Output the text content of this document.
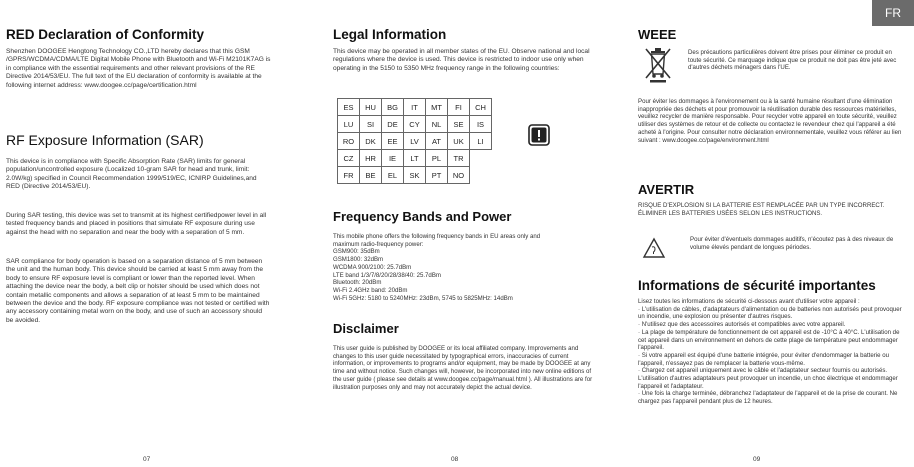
RED Declaration of Conformity

Shenzhen DOOGEE Hengtong Technology CO.,LTD hereby declares that this GSM /GPRS/WCDMA/CDMA/LTE Digital Mobile Phone with Bluetooth and Wi-Fi M2101K7AG is in compliance with the essential requirements and other relevant provisions of the RE Directive 2014/53/EU. The full text of the EU declaration of conformity is available at the following internet address: www.doogee.cc/page/certification.html

RF Exposure Information (SAR)

This device is in compliance with Specific Absorption Rate (SAR) limits for general population/uncontrolled exposure (Localized 10-gram SAR for head and trunk, limit: 2.0W/kg) specified in Council Recommendation 1999/519/EC, ICNIRP Guidelines,and RED (Directive 2014/53/EU).

During SAR testing, this device was set to transmit at its highest certifiedpower level in all tested frequency bands and placed in positions that simulate RF exposure during use against the head with no separation and near the body with a separation of 5 mm.

SAR compliance for body operation is based on a separation distance of 5 mm between the unit and the human body. This device should be carried at least 5 mm away from the body to ensure RF exposure level is compliant or lower than the reported level. When attaching the device near the body, a belt clip or holster should be used which does not contain metallic components and allows a separation of at least 5 mm to be maintained between the device and the body. RF exposure compliance was not tested or certified with any accessory containing metal worn on the body, and use of such an accessory should be avoided.

07
Legal Information

This device may be operated in all member states of the EU. Observe national and local regulations where the device is used. This device is restricted to indoor use only when operating in the 5150 to 5350 MHz frequency range in the following countries:

ES	HU	BG	IT	MT	FI	CH
LU	SI	DE	CY	NL	SE	IS
RO	DK	EE	LV	AT	UK	LI
CZ	HR	IE	LT	PL	TR	
FR	BE	EL	SK	PT	NO	
Frequency Bands and Power
This mobile phone offers the following frequency bands in EU areas only and maximum radio-frequency power:
GSM900: 35dBm
GSM1800: 32dBm
WCDMA 900/2100: 25.7dBm
LTE band 1/3/7/8/20/28/38/40: 25.7dBm
Bluetooth: 20dBm
Wi-Fi 2.4GHz band: 20dBm
Wi-Fi 5GHz: 5180 to 5240MHz: 23dBm, 5745 to 5825MHz: 14dBm
Disclaimer

This user guide is published by DOOGEE or its local affiliated company. Improvements and changes to this user guide necessitated by typographical errors, inaccuracies of current information, or improvements to programs and/or equipment, may be made by DOOGEE at any time and without notice. Such changes will, however, be incorporated into new online editions of the user guide ( please see details at www.doogee.cc/page/manual.html ). All illustrations are for illustration purposes only and may not accurately depict the actual device.

08
FR
WEEE

Des précautions particulières doivent être prises pour éliminer ce produit en toute sécurité. Ce marquage indique que ce produit ne doit pas être jeté avec d'autres déchets ménagers dans l'UE.

Pour éviter les dommages à l'environnement ou à la santé humaine résultant d'une élimination inappropriée des déchets et pour promouvoir la réutilisation durable des ressources matérielles, veuillez recycler de manière responsable. Pour recycler votre appareil en toute sécurité, veuillez utiliser des systèmes de retour et de collecte ou contactez le revendeur chez qui l'appareil a été acheté à l'origine. Pour consulter notre déclaration environnementale, veuillez vous référer au lien suivant : www.doogee.cc/page/environment.html

AVERTIR

RISQUE D'EXPLOSION SI LA BATTERIE EST REMPLACÉE PAR UN TYPE INCORRECT. ÉLIMINER LES BATTERIES USÉES SELON LES INSTRUCTIONS.

Pour éviter d'éventuels dommages auditifs, n'écoutez pas à des niveaux de volume élevés pendant de longues périodes.

Informations de sécurité importantes
Lisez toutes les informations de sécurité ci-dessous avant d'utiliser votre appareil :
· L'utilisation de câbles, d'adaptateurs d'alimentation ou de batteries non autorisés peut provoquer un incendie, une explosion ou présenter d'autres risques.
· N'utilisez que des accessoires autorisés et compatibles avec votre appareil.
· La plage de température de fonctionnement de cet appareil est de -10°C à 40°C. L'utilisation de cet appareil dans un environnement en dehors de cette plage de température peut endommager l'appareil.
· Si votre appareil est équipé d'une batterie intégrée, pour éviter d'endommager la batterie ou l'appareil, n'essayez pas de remplacer la batterie vous-même.
· Chargez cet appareil uniquement avec le câble et l'adaptateur secteur fournis ou autorisés. L'utilisation d'autres adaptateurs peut provoquer un incendie, un choc électrique et endommager l'appareil et l'adaptateur.
· Une fois la charge terminée, débranchez l'adaptateur de l'appareil et de la prise de courant. Ne chargez pas l'appareil pendant plus de 12 heures.
09
